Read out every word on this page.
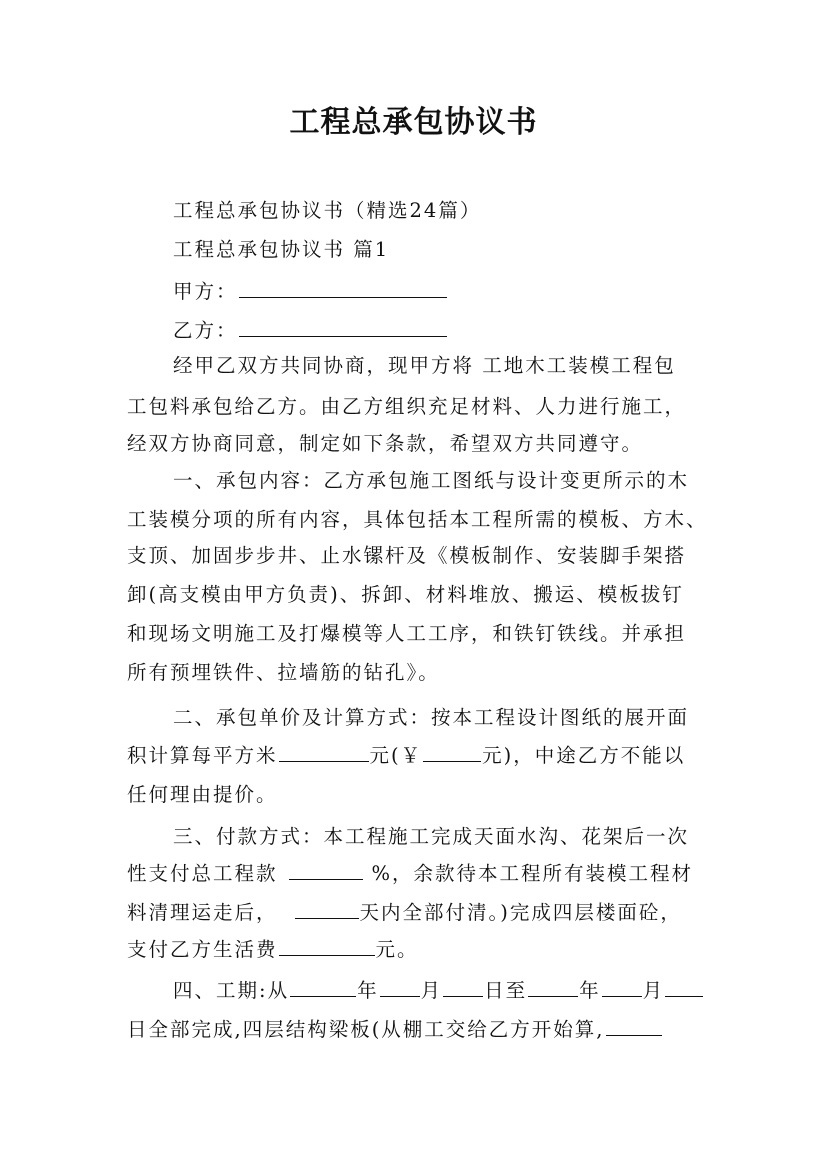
工程总承包协议书
工程总承包协议书（精选24篇）
工程总承包协议书 篇1
甲方：
乙方：
经甲乙双方共同协商，现甲方将 工地木工装模工程包
工包料承包给乙方。由乙方组织充足材料、人力进行施工，
经双方协商同意，制定如下条款，希望双方共同遵守。
一、承包内容：乙方承包施工图纸与设计变更所示的木
工装模分项的所有内容，具体包括本工程所需的模板、方木、
支顶、加固步步井、止水镙杆及《模板制作、安装脚手架搭
卸(高支模由甲方负责)、拆卸、材料堆放、搬运、模板拔钉
和现场文明施工及打爆模等人工工序，和铁钉铁线。并承担
所有预埋铁件、拉墙筋的钻孔》。
二、承包单价及计算方式：按本工程设计图纸的展开面
积计算每平方米	元(￥	元)，中途乙方不能以
任何理由提价。
三、付款方式：本工程施工完成天面水沟、花架后一次
性支付总工程款	%，余款待本工程所有装模工程材
料清理运走后，	天内全部付清。)完成四层楼面砼，
支付乙方生活费	元。
四、工期:从	年 月 日至	年 月
日全部完成,四层结构梁板(从棚工交给乙方开始算,
